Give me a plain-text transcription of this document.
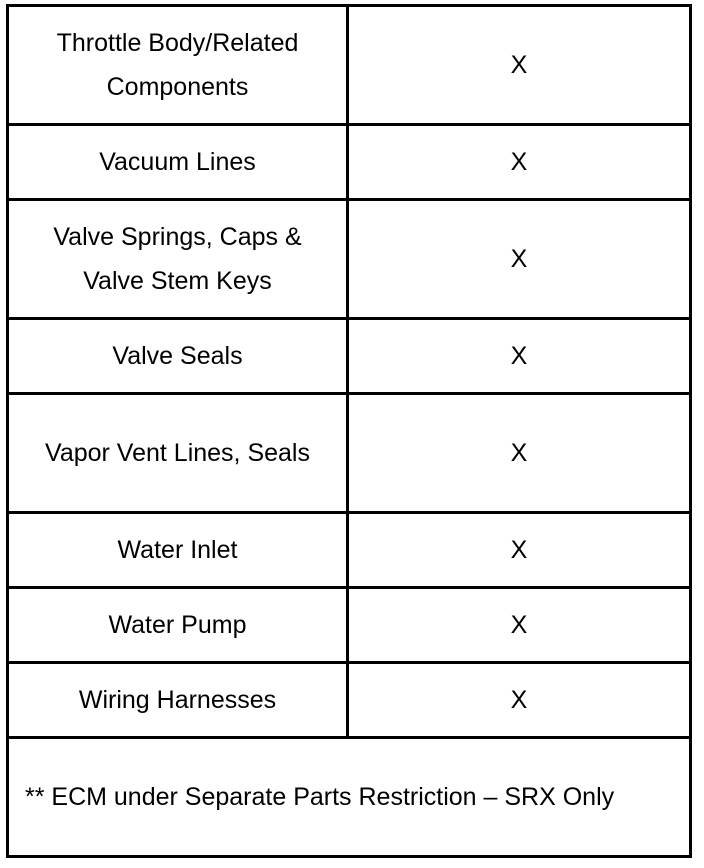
Throttle Body/Related Components	X
Vacuum Lines	X
Valve Springs, Caps & Valve Stem Keys	X
Valve Seals	X
Vapor Vent Lines, Seals	X
Water Inlet	X
Water Pump	X
Wiring Harnesses	X
** ECM under Separate Parts Restriction – SRX Only	
